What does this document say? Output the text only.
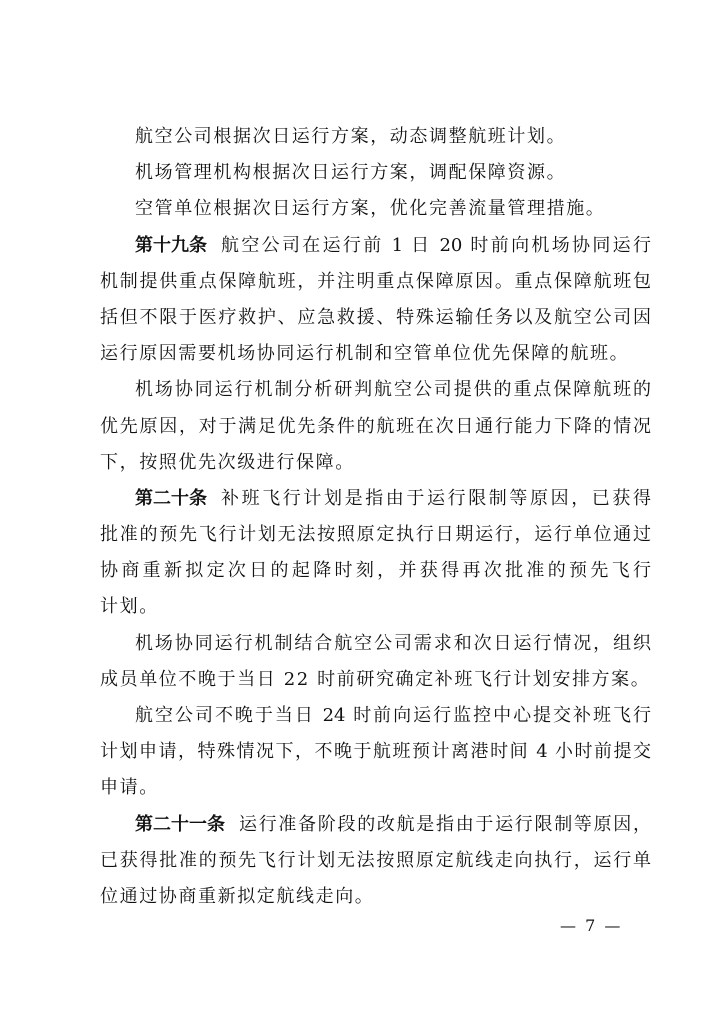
航空公司根据次日运行方案，动态调整航班计划。
机场管理机构根据次日运行方案，调配保障资源。
空管单位根据次日运行方案，优化完善流量管理措施。
第十九条 航空公司在运行前 1 日 20 时前向机场协同运行
机制提供重点保障航班，并注明重点保障原因。重点保障航班包
括但不限于医疗救护、应急救援、特殊运输任务以及航空公司因
运行原因需要机场协同运行机制和空管单位优先保障的航班。
机场协同运行机制分析研判航空公司提供的重点保障航班的
优先原因，对于满足优先条件的航班在次日通行能力下降的情况
下，按照优先次级进行保障。
第二十条 补班飞行计划是指由于运行限制等原因，已获得
批准的预先飞行计划无法按照原定执行日期运行，运行单位通过
协商重新拟定次日的起降时刻，并获得再次批准的预先飞行
计划。
机场协同运行机制结合航空公司需求和次日运行情况，组织
成员单位不晚于当日 22 时前研究确定补班飞行计划安排方案。
航空公司不晚于当日 24 时前向运行监控中心提交补班飞行
计划申请，特殊情况下，不晚于航班预计离港时间 4 小时前提交
申请。
第二十一条 运行准备阶段的改航是指由于运行限制等原因，
已获得批准的预先飞行计划无法按照原定航线走向执行，运行单
位通过协商重新拟定航线走向。
— 7 —
